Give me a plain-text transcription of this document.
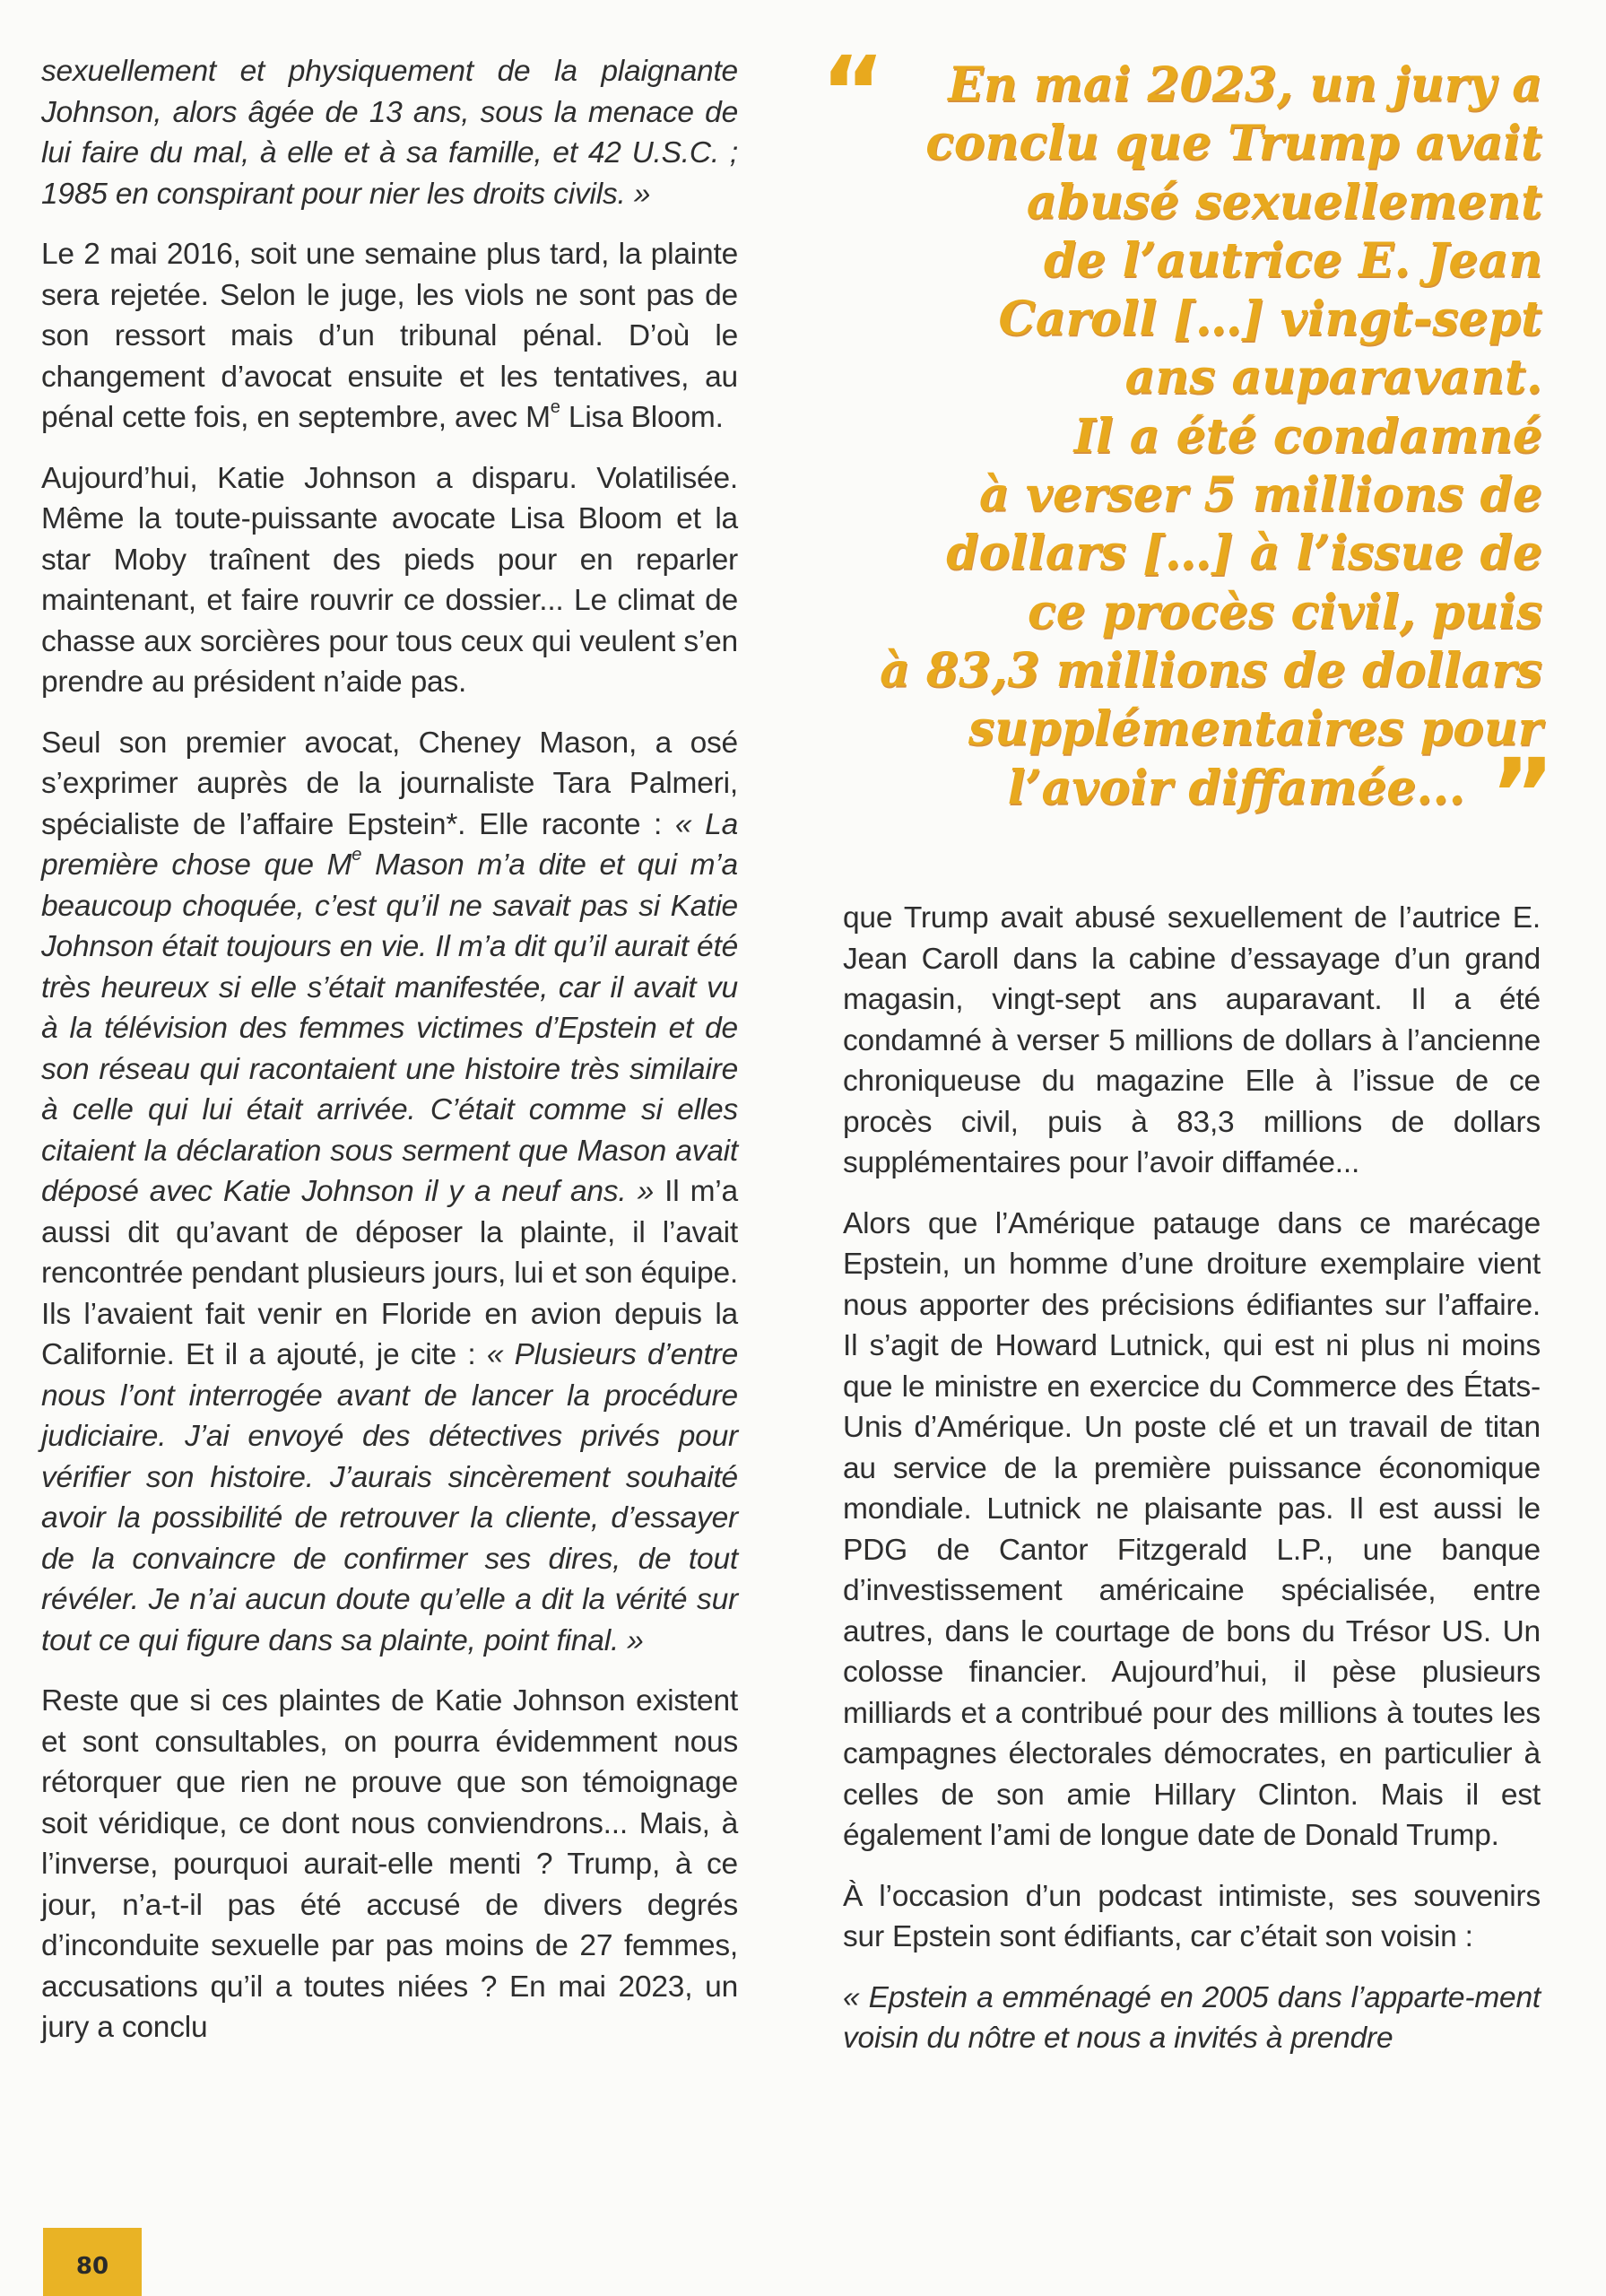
sexuellement et physiquement de la plaignante Johnson, alors âgée de 13 ans, sous la menace de lui faire du mal, à elle et à sa famille, et 42 U.S.C. ; 1985 en conspirant pour nier les droits civils. »

Le 2 mai 2016, soit une semaine plus tard, la plainte sera rejetée. Selon le juge, les viols ne sont pas de son ressort mais d’un tribunal pénal. D’où le changement d’avocat ensuite et les tentatives, au pénal cette fois, en septembre, avec Me Lisa Bloom.

Aujourd’hui, Katie Johnson a disparu. Volatilisée. Même la toute-puissante avocate Lisa Bloom et la star Moby traînent des pieds pour en reparler maintenant, et faire rouvrir ce dossier... Le climat de chasse aux sorcières pour tous ceux qui veulent s’en prendre au président n’aide pas.

Seul son premier avocat, Cheney Mason, a osé s’exprimer auprès de la journaliste Tara Palmeri, spécialiste de l’affaire Epstein*. Elle raconte : « La première chose que Me Mason m’a dite et qui m’a beaucoup choquée, c’est qu’il ne savait pas si Katie Johnson était toujours en vie. Il m’a dit qu’il aurait été très heureux si elle s’était manifestée, car il avait vu à la télévision des femmes victimes d’Epstein et de son réseau qui racontaient une histoire très similaire à celle qui lui était arrivée. C’était comme si elles citaient la déclaration sous serment que Mason avait déposé avec Katie Johnson il y a neuf ans. » Il m’a aussi dit qu’avant de déposer la plainte, il l’avait rencontrée pendant plusieurs jours, lui et son équipe. Ils l’avaient fait venir en Floride en avion depuis la Californie. Et il a ajouté, je cite : « Plusieurs d’entre nous l’ont interrogée avant de lancer la procédure judiciaire. J’ai envoyé des détectives privés pour vérifier son histoire. J’aurais sincèrement souhaité avoir la possibilité de retrouver la cliente, d’essayer de la convaincre de confirmer ses dires, de tout révéler. Je n’ai aucun doute qu’elle a dit la vérité sur tout ce qui figure dans sa plainte, point final. »

Reste que si ces plaintes de Katie Johnson existent et sont consultables, on pourra évidemment nous rétorquer que rien ne prouve que son témoignage soit véridique, ce dont nous conviendrons... Mais, à l’inverse, pourquoi aurait-elle menti ? Trump, à ce jour, n’a-t-il pas été accusé de divers degrés d’inconduite sexuelle par pas moins de 27 femmes, accusations qu’il a toutes niées ? En mai 2023, un jury a conclu

“	En mai 2023, un jury a
conclu que Trump avait
abusé sexuellement
de l’autrice E. Jean
Caroll […] vingt-sept
ans auparavant.
Il a été condamné
à verser 5 millions de
dollars […] à l’issue de
ce procès civil, puis
à 83,3 millions de dollars
supplémentaires pour
l’avoir diffamée... ”

que Trump avait abusé sexuellement de l’autrice E. Jean Caroll dans la cabine d’essayage d’un grand magasin, vingt-sept ans auparavant. Il a été condamné à verser 5 millions de dollars à l’ancienne chroniqueuse du magazine Elle à l’issue de ce procès civil, puis à 83,3 millions de dollars supplémentaires pour l’avoir diffamée...

Alors que l’Amérique patauge dans ce marécage Epstein, un homme d’une droiture exemplaire vient nous apporter des précisions édifiantes sur l’affaire. Il s’agit de Howard Lutnick, qui est ni plus ni moins que le ministre en exercice du Commerce des États-Unis d’Amérique. Un poste clé et un travail de titan au service de la première puissance économique mondiale. Lutnick ne plaisante pas. Il est aussi le PDG de Cantor Fitzgerald L.P., une banque d’investissement américaine spécialisée, entre autres, dans le courtage de bons du Trésor US. Un colosse financier. Aujourd’hui, il pèse plusieurs milliards et a contribué pour des millions à toutes les campagnes électorales démocrates, en particulier à celles de son amie Hillary Clinton. Mais il est également l’ami de longue date de Donald Trump.

À l’occasion d’un podcast intimiste, ses souvenirs sur Epstein sont édifiants, car c’était son voisin :

« Epstein a emménagé en 2005 dans l’apparte-ment voisin du nôtre et nous a invités à prendre

80
